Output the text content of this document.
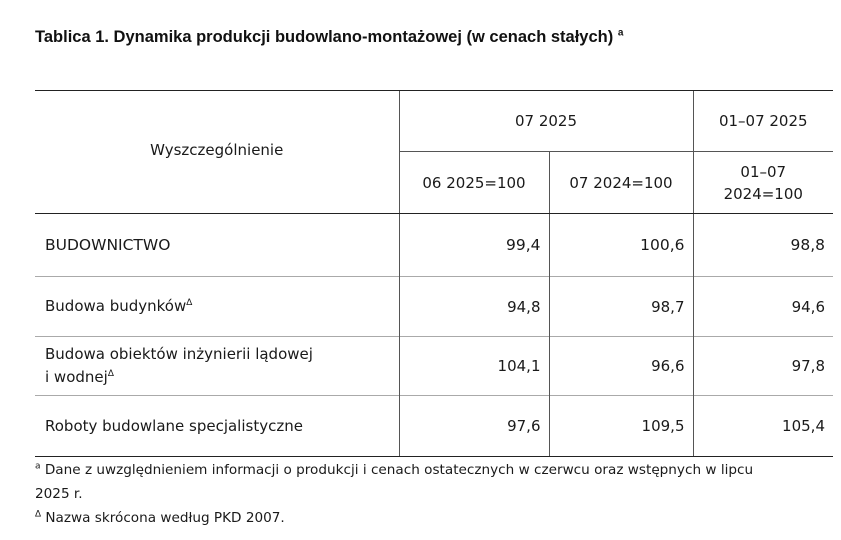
Tablica 1. Dynamika produkcji budowlano-montażowej (w cenach stałych) $^a$
Wyszczególnienie	07 2025		01–07 2025
	06 2025=100	07 2024=100	01–07
2024=100
BUDOWNICTWO	99,4	100,6	98,8
Budowa budynków∆	94,8	98,7	94,6
Budowa obiektów inżynierii lądowej
i wodnej∆	104,1	96,6	97,8
Roboty budowlane specjalistyczne	97,6	109,5	105,4
$^a$ Dane z uwzględnieniem informacji o produkcji i cenach ostatecznych w czerwcu oraz wstępnych w lipcu
2025 r.
∆ Nazwa skrócona według PKD 2007.
